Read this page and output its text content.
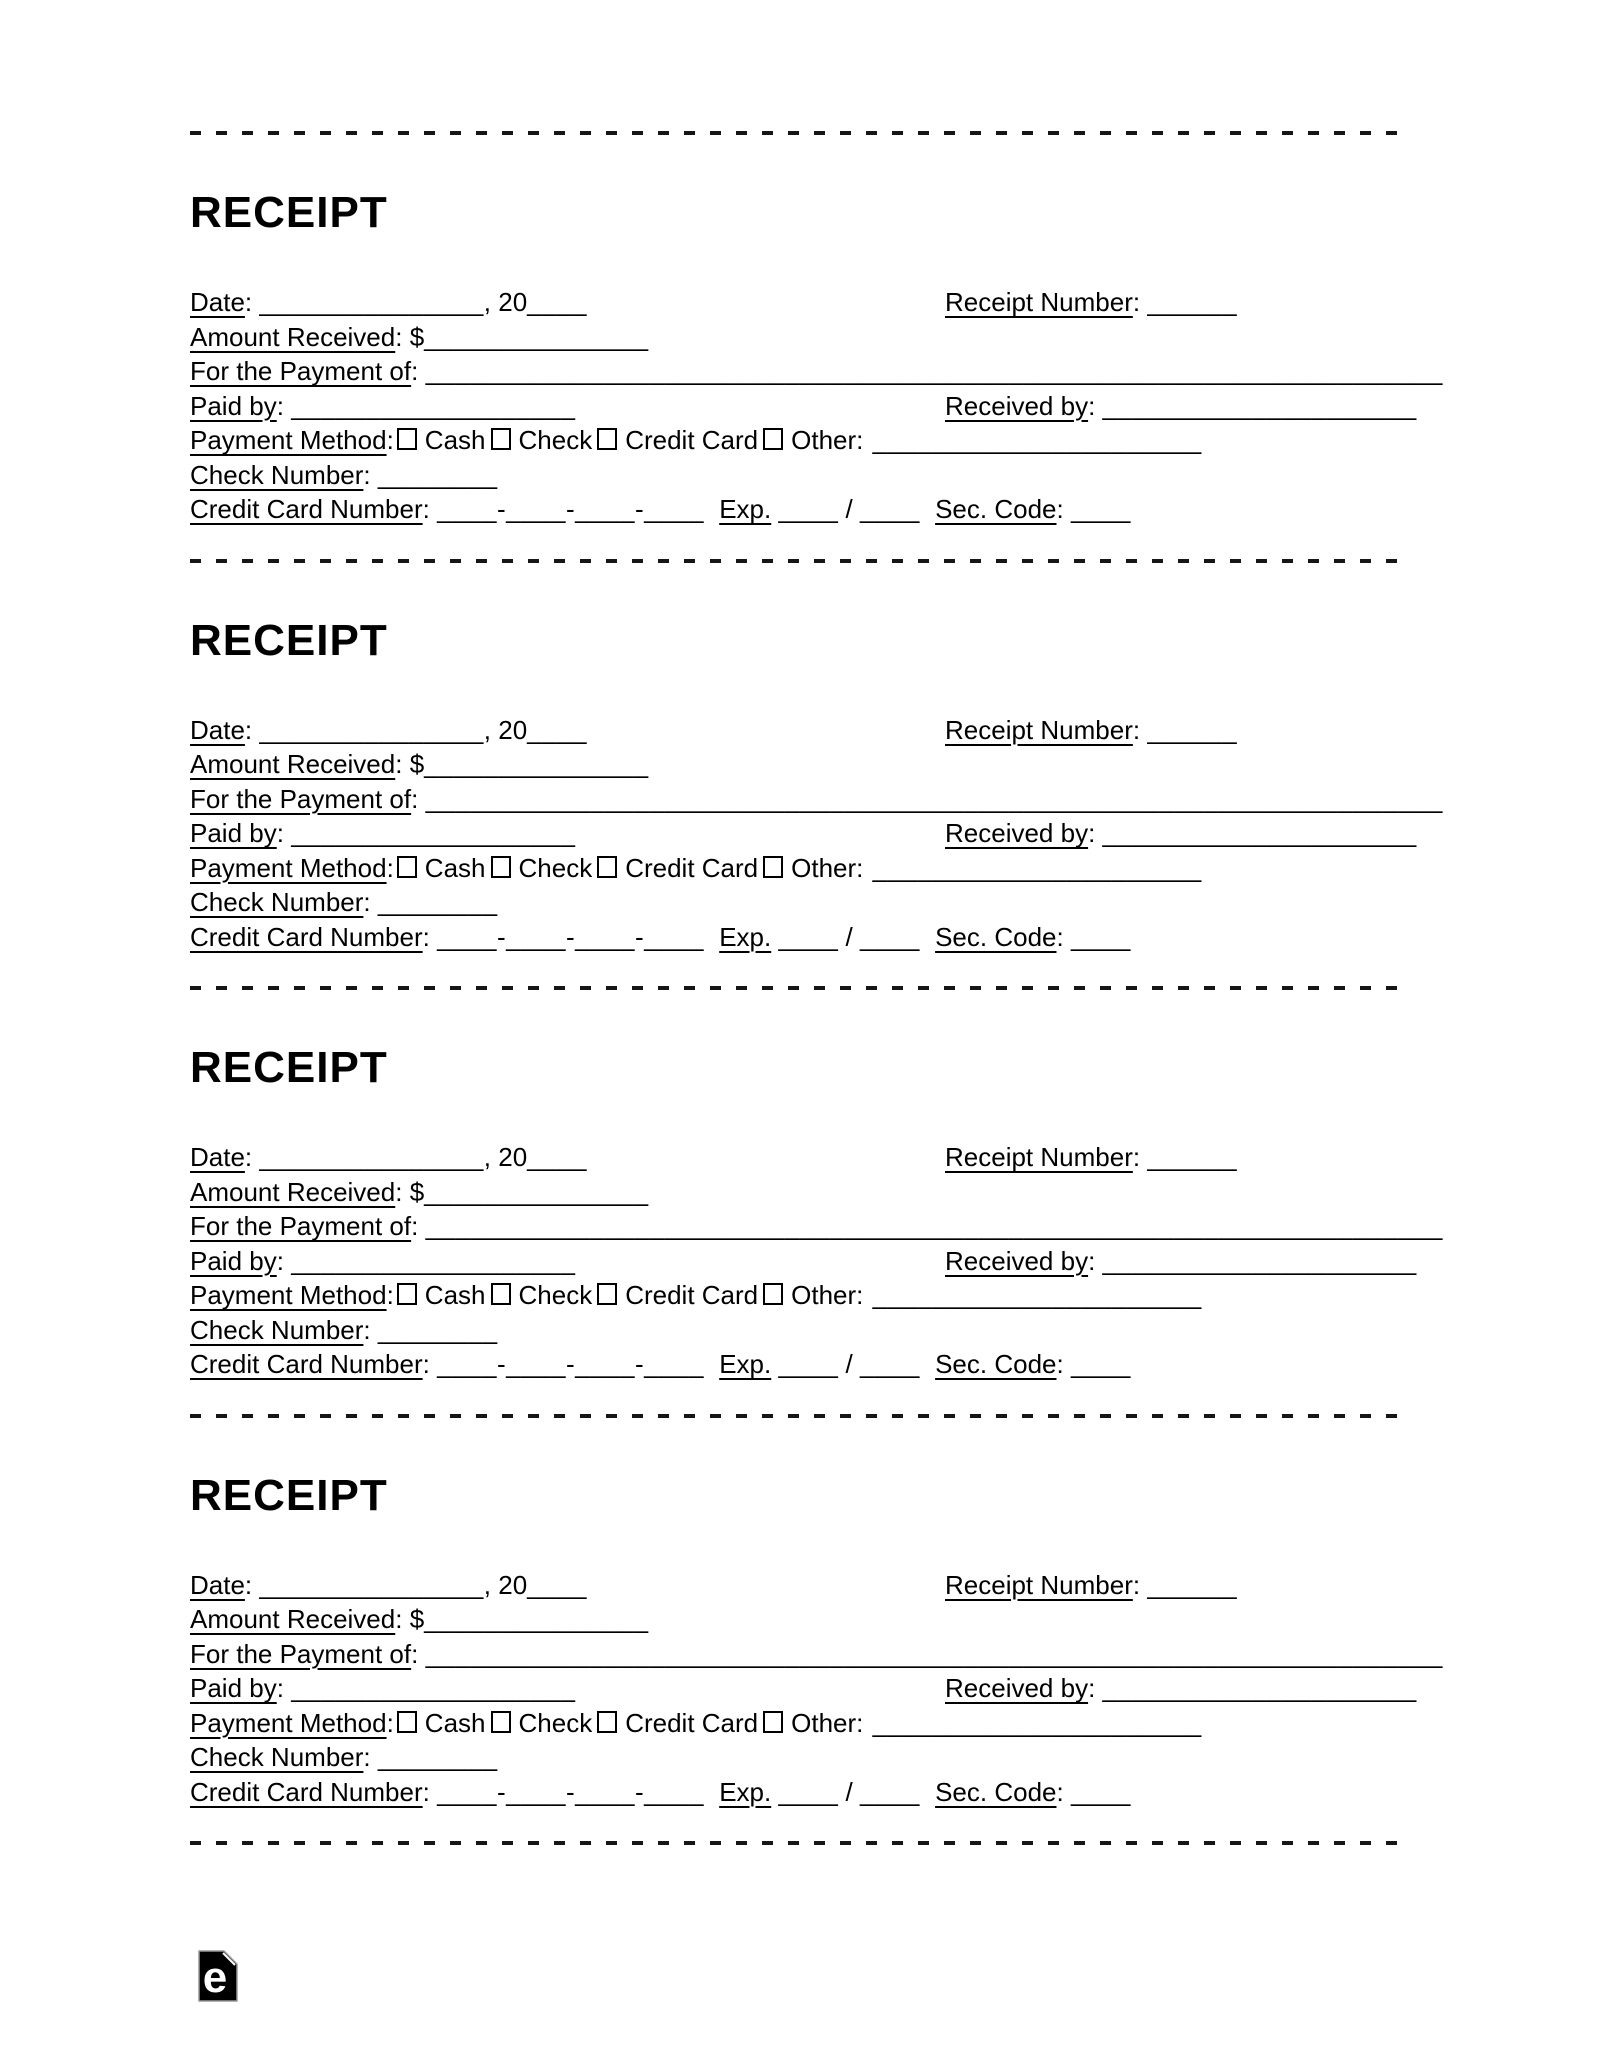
RECEIPT
Date: _______________, 20____	Receipt Number: ______
Amount Received: $_______________
For the Payment of: ____________________________________________________________________
Paid by: ___________________	Received by: _____________________
Payment Method: Cash Check Credit Card Other: ______________________
Check Number: ________
Credit Card Number: ____-____-____-____ Exp. ____ / ____ Sec. Code: ____
RECEIPT
Date: _______________, 20____	Receipt Number: ______
Amount Received: $_______________
For the Payment of: ____________________________________________________________________
Paid by: ___________________	Received by: _____________________
Payment Method: Cash Check Credit Card Other: ______________________
Check Number: ________
Credit Card Number: ____-____-____-____ Exp. ____ / ____ Sec. Code: ____
RECEIPT
Date: _______________, 20____	Receipt Number: ______
Amount Received: $_______________
For the Payment of: ____________________________________________________________________
Paid by: ___________________	Received by: _____________________
Payment Method: Cash Check Credit Card Other: ______________________
Check Number: ________
Credit Card Number: ____-____-____-____ Exp. ____ / ____ Sec. Code: ____
RECEIPT
Date: _______________, 20____	Receipt Number: ______
Amount Received: $_______________
For the Payment of: ____________________________________________________________________
Paid by: ___________________	Received by: _____________________
Payment Method: Cash Check Credit Card Other: ______________________
Check Number: ________
Credit Card Number: ____-____-____-____ Exp. ____ / ____ Sec. Code: ____
e
